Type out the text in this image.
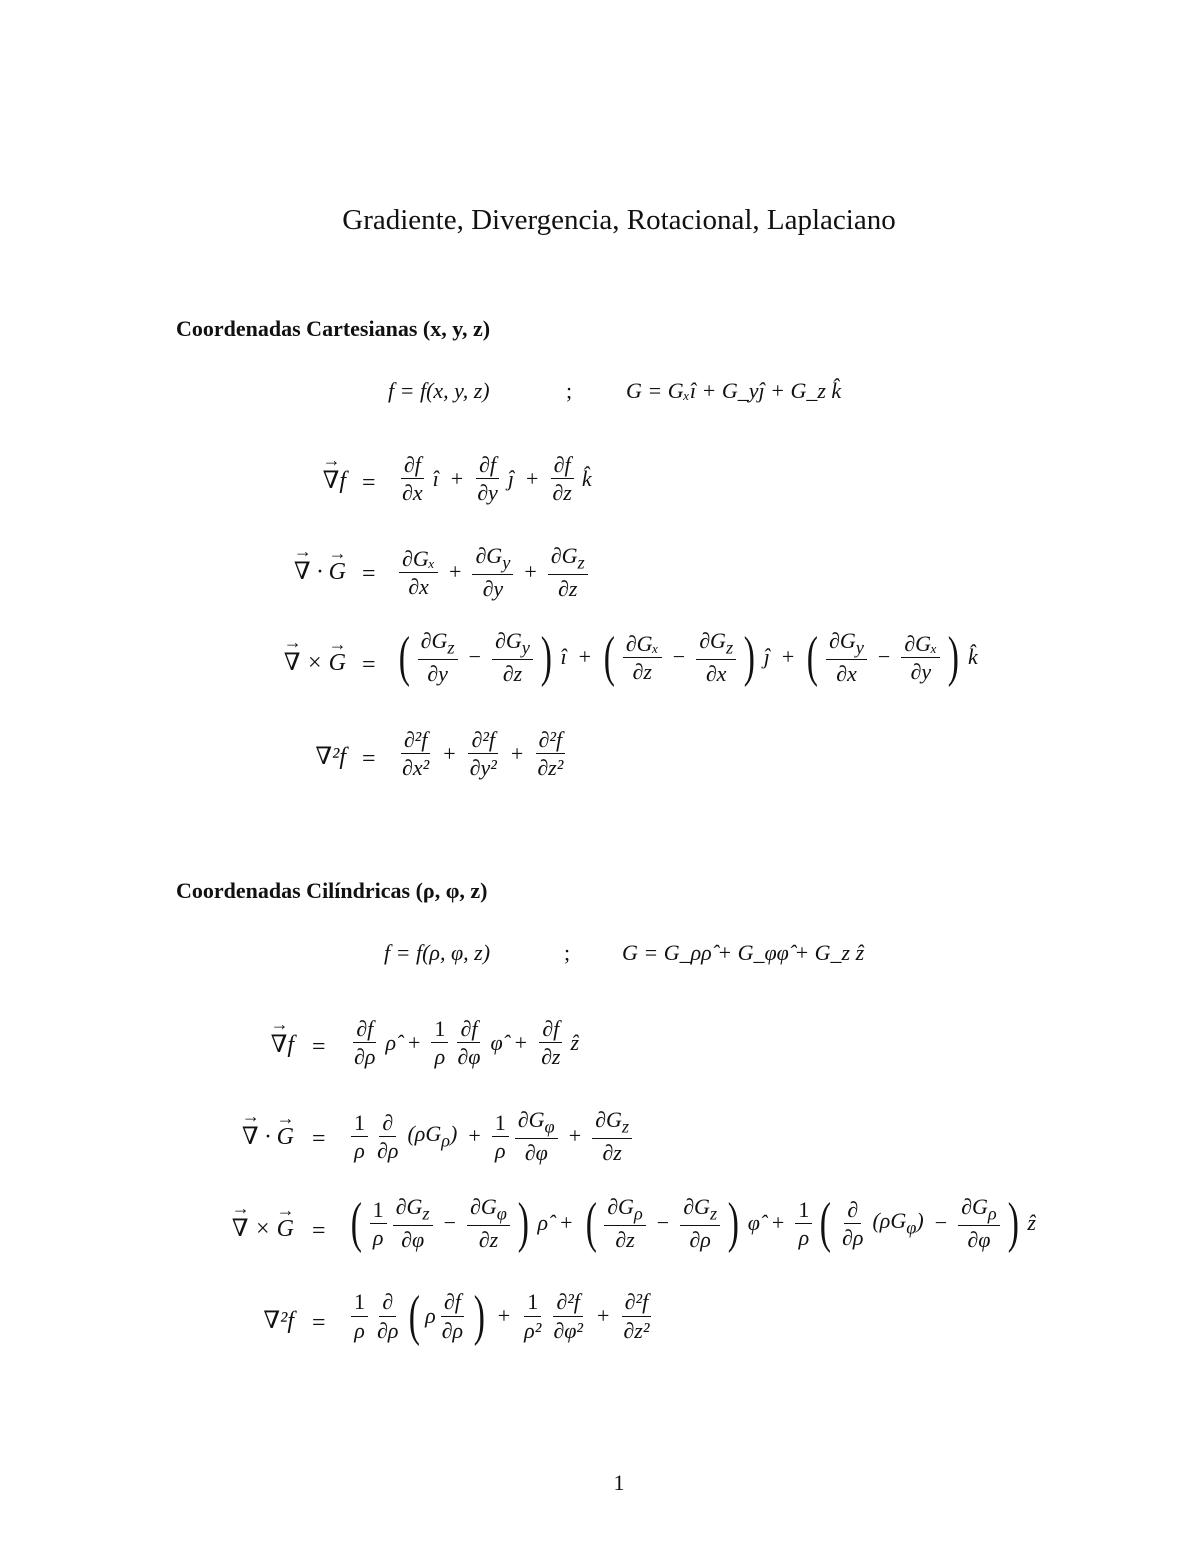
Gradiente, Divergencia, Rotacional, Laplaciano
Coordenadas Cartesianas (x, y, z)
f = f(x, y, z)	; G = Gₓî + G_yĵ + G_z k̂
→ $\nabla f = \frac{\partial f}{\partial x}$ î + $\frac{\partial f}{\partial y}$ ĵ + $\frac{\partial f}{\partial z}$ k̂
→ ∇ · → $G = \frac{\text{∂Gₓ}}{\partial x} + \frac{\partial G_y}{\partial y} + \frac{\partial G_z}{\partial z}$
→ ∇ × → G = ( $\frac{\partial G_z}{\partial y} - \frac{\partial G_y}{\partial z}$ ) î + ( $\frac{\text{∂Gₓ}}{\partial z} - \frac{\partial G_z}{\partial x}$ ) ĵ + ( $\frac{\partial G_y}{\partial x} - \frac{\text{∂Gₓ}}{\partial y}$ ) k̂
$\nabla^2f = \frac{\text{∂²f}}{\text{∂x²}} + \frac{\text{∂²f}}{\text{∂y²}} + \frac{\text{∂²f}}{\text{∂z²}}$
Coordenadas Cilíndricas (ρ, φ, z)
f = f(ρ, φ, z)	; G = G_ρρ̂ + G_φφ̂ + G_z ẑ
→ $\nabla f = \frac{\partial f}{\partial\rho}$ ρ̂ + $\frac{1}{\rho} \frac{\partial f}{\partial\varphi}$ φ̂ + $\frac{\partial f}{\partial z}$ ẑ
→ ∇ · → $G = \frac{1}{\rho} \frac{\partial}{\partial\rho} (\rho G_\rho) + \frac{1}{\rho} \frac{\partial G_\varphi}{\partial\varphi} + \frac{\partial G_z}{\partial z}$
→ ∇ × → G = ( $\frac{1}{\rho} \frac{\partial G_z}{\partial\varphi} - \frac{\partial G_\varphi}{\partial z}$ ) ρ̂ + ( $\frac{\partial G_\rho}{\partial z} - \frac{\partial G_z}{\partial\rho}$ ) φ̂ + $\frac{1}{\rho}$ ( $\frac{\partial}{\partial\rho} (\rho G_\varphi) - \frac{\partial G_\rho}{\partial\varphi}$ ) ẑ
$\nabla^2f = \frac{1}{\rho} \frac{\partial}{\partial\rho}$ ( ρ $\frac{\partial f}{\partial\rho}$ ) + $\frac{1}{\text{ρ²}} \frac{\text{∂²f}}{\text{∂φ²}} + \frac{\text{∂²f}}{\text{∂z²}}$
1
